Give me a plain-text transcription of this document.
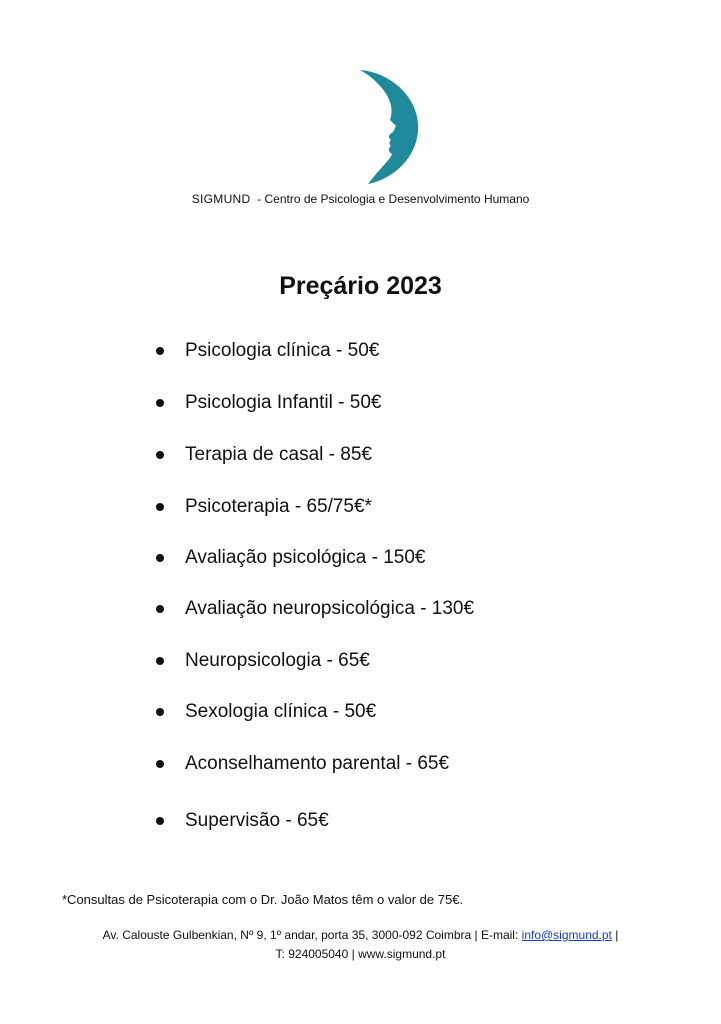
SIGMUND - Centro de Psicologia e Desenvolvimento Humano
Preçário 2023
Psicologia clínica - 50€
Psicologia Infantil - 50€
Terapia de casal - 85€
Psicoterapia - 65/75€*
Avaliação psicológica - 150€
Avaliação neuropsicológica - 130€
Neuropsicologia - 65€
Sexologia clínica - 50€
Aconselhamento parental - 65€
Supervisão - 65€
*Consultas de Psicoterapia com o Dr. João Matos têm o valor de 75€.
Av. Calouste Gulbenkian, Nº 9, 1º andar, porta 35, 3000-092 Coimbra | E-mail: info@sigmund.pt |
T: 924005040 | www.sigmund.pt
